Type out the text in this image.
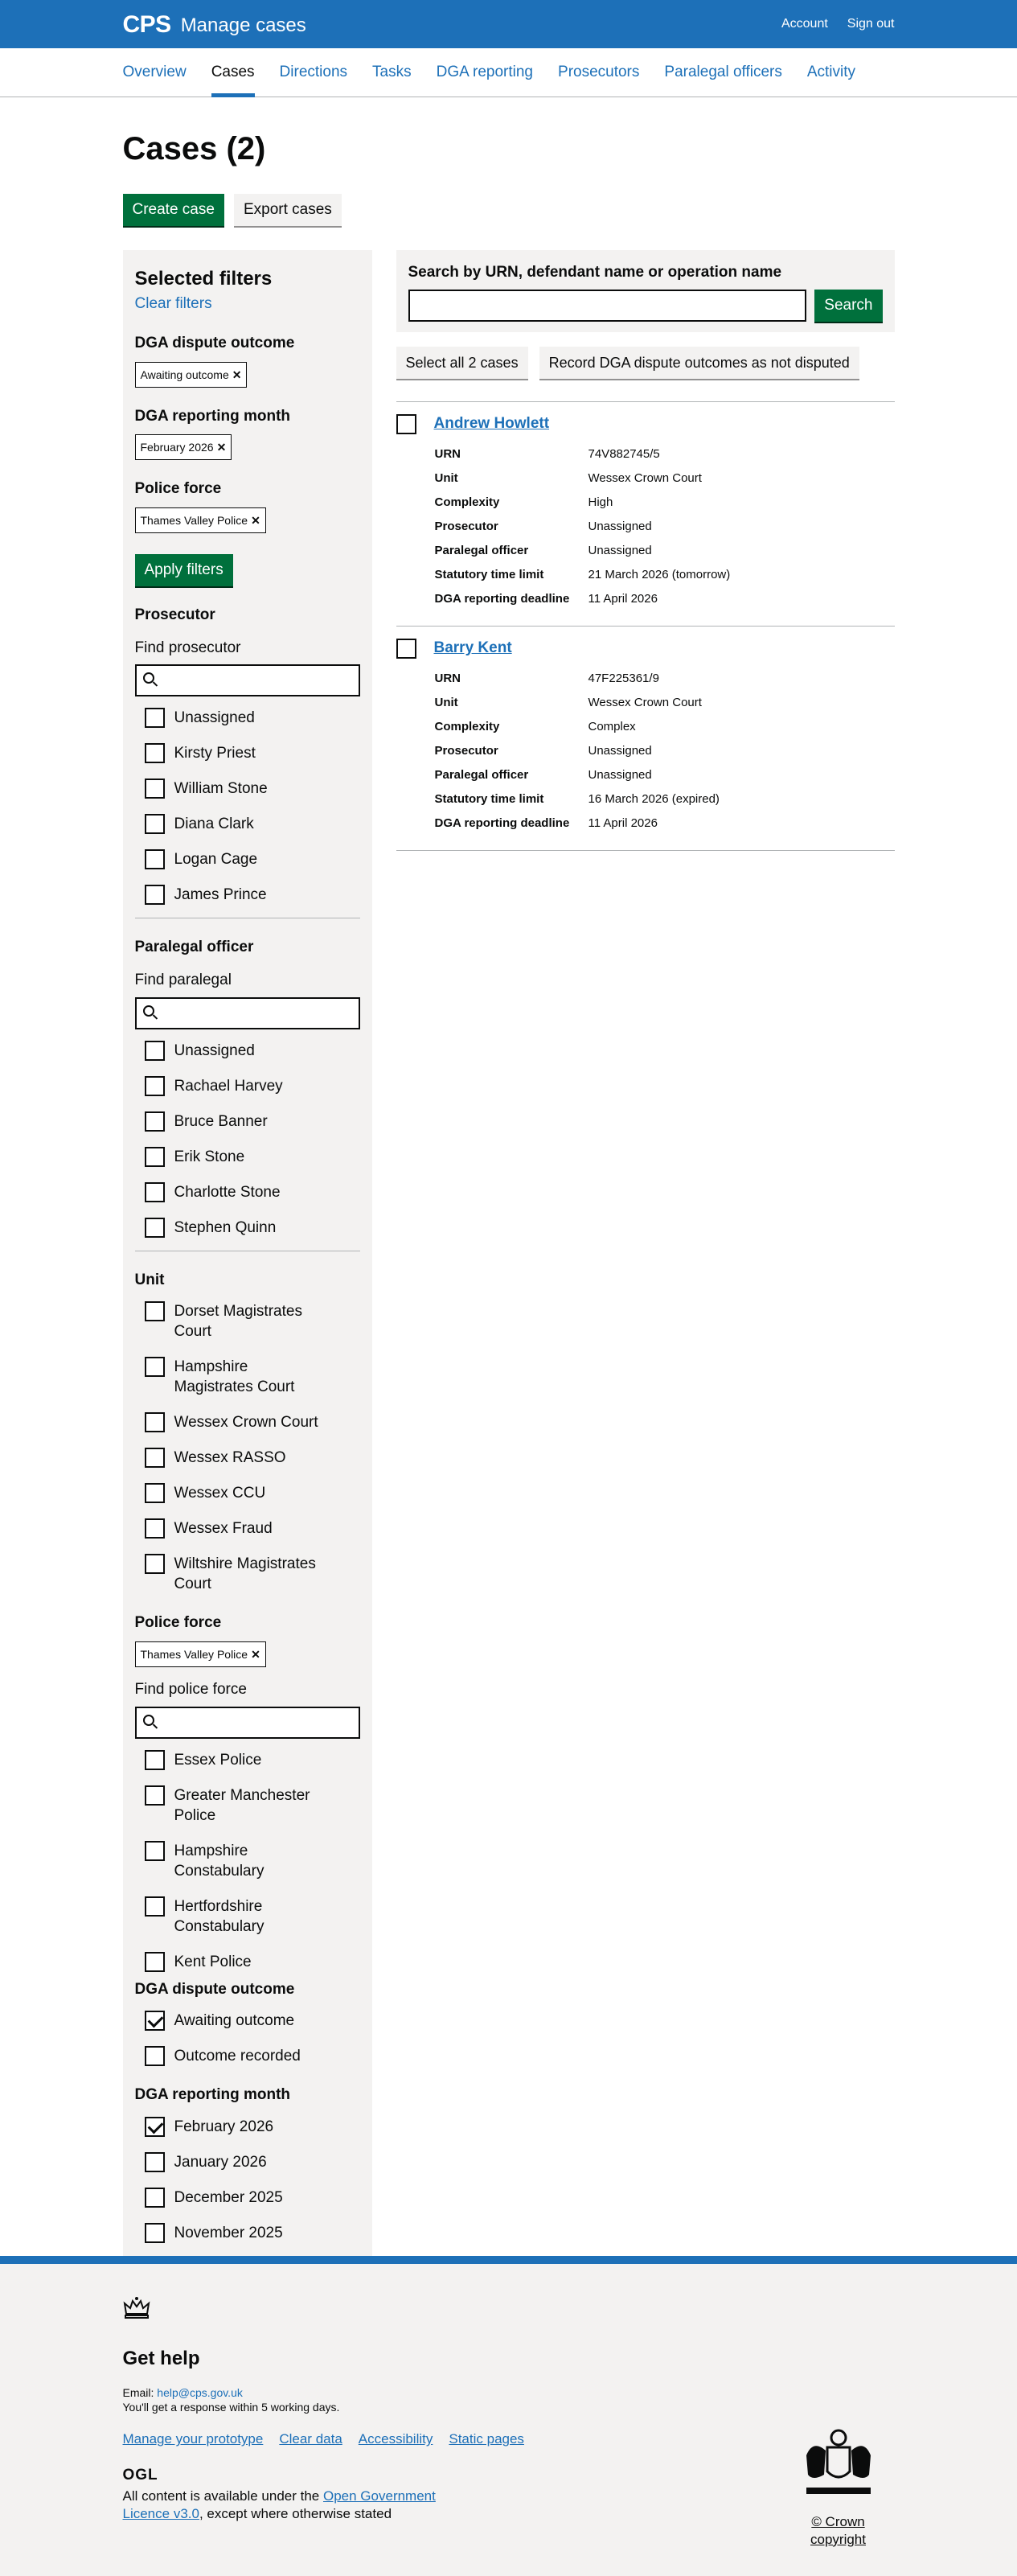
CPS Manage cases	Account Sign out
Overview Cases Directions Tasks DGA reporting Prosecutors Paralegal officers Activity
Cases (2)
Create case	Export cases
Selected filters
Clear filters
DGA dispute outcome
Awaiting outcome ✕
DGA reporting month
February 2026 ✕
Police force
Thames Valley Police ✕
Apply filters
Prosecutor
Find prosecutor
Unassigned
Kirsty Priest
William Stone
Diana Clark
Logan Cage
James Prince
Paralegal officer
Find paralegal
Unassigned
Rachael Harvey
Bruce Banner
Erik Stone
Charlotte Stone
Stephen Quinn
Unit
Dorset Magistrates Court
Hampshire Magistrates Court
Wessex Crown Court
Wessex RASSO
Wessex CCU
Wessex Fraud
Wiltshire Magistrates Court
Police force
Thames Valley Police ✕
Find police force
Essex Police
Greater Manchester Police
Hampshire Constabulary
Hertfordshire Constabulary
Kent Police
DGA dispute outcome
Awaiting outcome
Outcome recorded
DGA reporting month
February 2026
January 2026
December 2025
November 2025
Search by URN, defendant name or operation name
Search
Select all 2 cases	Record DGA dispute outcomes as not disputed
Andrew Howlett
URN	74V882745/5
Unit	Wessex Crown Court
Complexity	High
Prosecutor	Unassigned
Paralegal officer	Unassigned
Statutory time limit	21 March 2026 (tomorrow)
DGA reporting deadline	11 April 2026
Barry Kent
URN	47F225361/9
Unit	Wessex Crown Court
Complexity	Complex
Prosecutor	Unassigned
Paralegal officer	Unassigned
Statutory time limit	16 March 2026 (expired)
DGA reporting deadline	11 April 2026
Get help
Email: help@cps.gov.uk
You'll get a response within 5 working days.
Manage your prototype Clear data Accessibility Static pages
OGL
All content is available under the Open Government Licence v3.0, except where otherwise stated
© Crown copyright
